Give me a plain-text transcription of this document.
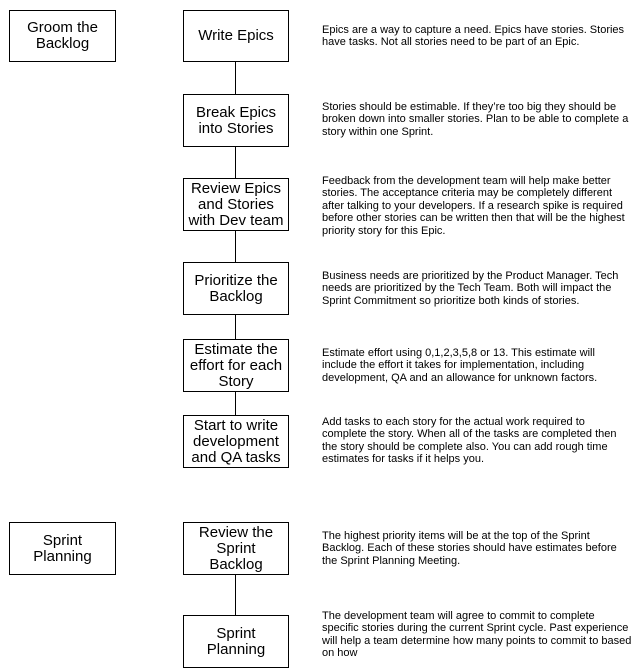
Groom the
Backlog
Sprint Planning
Write Epics
Break Epics
into Stories
Review Epics
and Stories
with Dev team
Prioritize the
Backlog
Estimate the
effort for each
Story
Start to write
development
and QA tasks
Review the
Sprint Backlog
Sprint Planning

Epics are a way to capture a need. Epics have stories. Stories have tasks. Not all stories need to be part of an Epic.

Stories should be estimable. If they’re too big they should be broken down into smaller stories. Plan to be able to complete a story within one Sprint.

Feedback from the development team will help make better stories. The acceptance criteria may be completely different after talking to your developers. If a research spike is required before other stories can be written then that will be the highest priority story for this Epic.

Business needs are prioritized by the Product Manager. Tech needs are prioritized by the Tech Team. Both will impact the Sprint Commitment so prioritize both kinds of stories.

Estimate effort using 0,1,2,3,5,8 or 13. This estimate will include the effort it takes for implementation, including development, QA and an allowance for unknown factors.

Add tasks to each story for the actual work required to complete the story. When all of the tasks are completed then the story should be complete also. You can add rough time estimates for tasks if it helps you.

The highest priority items will be at the top of the Sprint Backlog. Each of these stories should have estimates before the Sprint Planning Meeting.

The development team will agree to commit to complete specific stories during the current Sprint cycle. Past experience will help a team determine how many points to commit to based on how
